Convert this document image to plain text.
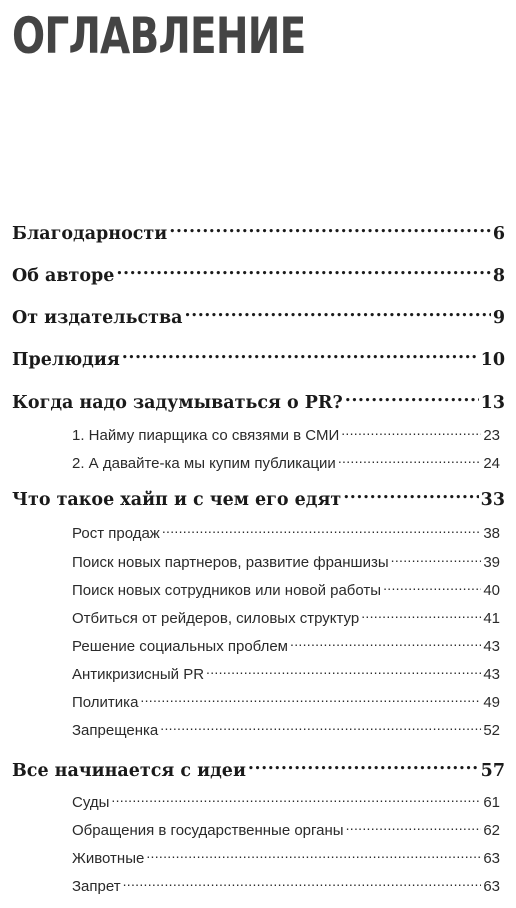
ОГЛАВЛЕНИЕ
Благодарности .....	6
Об авторе .....	8
От издательства .....	9
Прелюдия .....	10
Когда надо задумываться о PR? .....	13
1. Найму пиарщика со связями в СМИ .....	23
2. А давайте-ка мы купим публикации .....	24
Что такое хайп и с чем его едят .....	33
Рост продаж .....	38
Поиск новых партнеров, развитие франшизы .....	39
Поиск новых сотрудников или новой работы .....	40
Отбиться от рейдеров, силовых структур .....	41
Решение социальных проблем .....	43
Антикризисный PR .....	43
Политика .....	49
Запрещенка .....	52
Все начинается с идеи .....	57
Суды .....	61
Обращения в государственные органы .....	62
Животные .....	63
Запрет .....	63
